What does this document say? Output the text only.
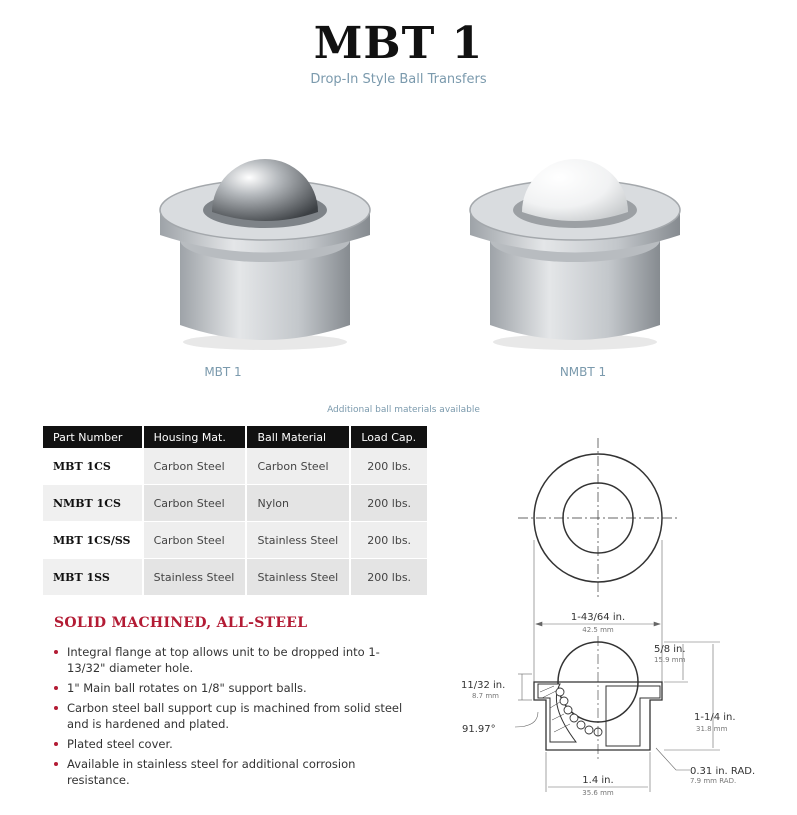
MBT 1
Drop-In Style Ball Transfers
MBT 1	NMBT 1
Additional ball materials available
Part Number	Housing Mat.	Ball Material	Load Cap.
MBT 1CS	Carbon Steel	Carbon Steel	200 lbs.
NMBT 1CS	Carbon Steel	Nylon	200 lbs.
MBT 1CS/SS	Carbon Steel	Stainless Steel	200 lbs.
MBT 1SS	Stainless Steel	Stainless Steel	200 lbs.
SOLID MACHINED, ALL-STEEL
Integral flange at top allows unit to be dropped into 1-13/32" diameter hole.
1" Main ball rotates on 1/8" support balls.
Carbon steel ball support cup is machined from solid steel and is hardened and plated.
Plated steel cover.
Available in stainless steel for additional corrosion resistance.
1-43/64 in.
42.5 mm
5/8 in.
15.9 mm
1-1/4 in.
31.8 mm
11/32 in.
8.7 mm
91.97°
0.31 in. RAD.
7.9 mm RAD.
1.4 in.
35.6 mm
